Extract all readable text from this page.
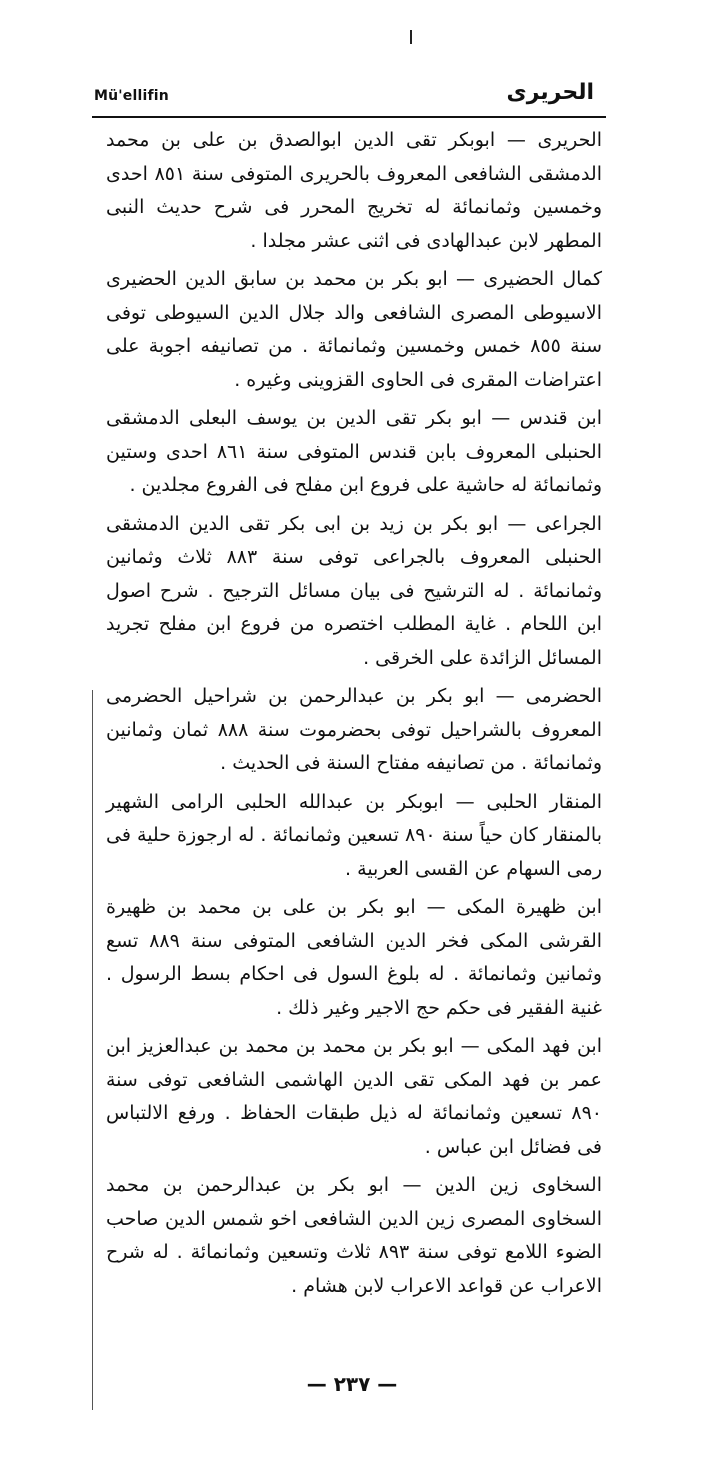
Mü'ellifin	الحريرى

الحريرى — ابوبكر تقى الدين ابوالصدق بن على بن محمد الدمشقى الشافعى المعروف بالحريرى المتوفى سنة ٨٥١ احدى وخمسين وثمانمائة له تخريج المحرر فى شرح حديث النبى المطهر لابن عبدالهادى فى اثنى عشر مجلدا .

كمال الحضيرى — ابو بكر بن محمد بن سابق الدين الحضيرى الاسيوطى المصرى الشافعى والد جلال الدين السيوطى توفى سنة ٨٥٥ خمس وخمسين وثمانمائة . من تصانيفه اجوبة على اعتراضات المقرى فى الحاوى القزوينى وغيره .

ابن قندس — ابو بكر تقى الدين بن يوسف البعلى الدمشقى الحنبلى المعروف بابن قندس المتوفى سنة ٨٦١ احدى وستين وثمانمائة له حاشية على فروع ابن مفلح فى الفروع مجلدين .

الجراعى — ابو بكر بن زيد بن ابى بكر تقى الدين الدمشقى الحنبلى المعروف بالجراعى توفى سنة ٨٨٣ ثلاث وثمانين وثمانمائة . له الترشيح فى بيان مسائل الترجيح . شرح اصول ابن اللحام . غاية المطلب اختصره من فروع ابن مفلح تجريد المسائل الزائدة على الخرقى .

الحضرمى — ابو بكر بن عبدالرحمن بن شراحيل الحضرمى المعروف بالشراحيل توفى بحضرموت سنة ٨٨٨ ثمان وثمانين وثمانمائة . من تصانيفه مفتاح السنة فى الحديث .

المنقار الحلبى — ابوبكر بن عبدالله الحلبى الرامى الشهير بالمنقار كان حياً سنة ٨٩٠ تسعين وثمانمائة . له ارجوزة حلية فى رمى السهام عن القسى العربية .

ابن ظهيرة المكى — ابو بكر بن على بن محمد بن ظهيرة القرشى المكى فخر الدين الشافعى المتوفى سنة ٨٨٩ تسع وثمانين وثمانمائة . له بلوغ السول فى احكام بسط الرسول . غنية الفقير فى حكم حج الاجير وغير ذلك .

ابن فهد المكى — ابو بكر بن محمد بن محمد بن عبدالعزيز ابن عمر بن فهد المكى تقى الدين الهاشمى الشافعى توفى سنة ٨٩٠ تسعين وثمانمائة له ذيل طبقات الحفاظ . ورفع الالتباس فى فضائل ابن عباس .

السخاوى زين الدين — ابو بكر بن عبدالرحمن بن محمد السخاوى المصرى زين الدين الشافعى اخو شمس الدين صاحب الضوء اللامع توفى سنة ٨٩٣ ثلاث وتسعين وثمانمائة . له شرح الاعراب عن قواعد الاعراب لابن هشام .

— ٢٣٧ —
